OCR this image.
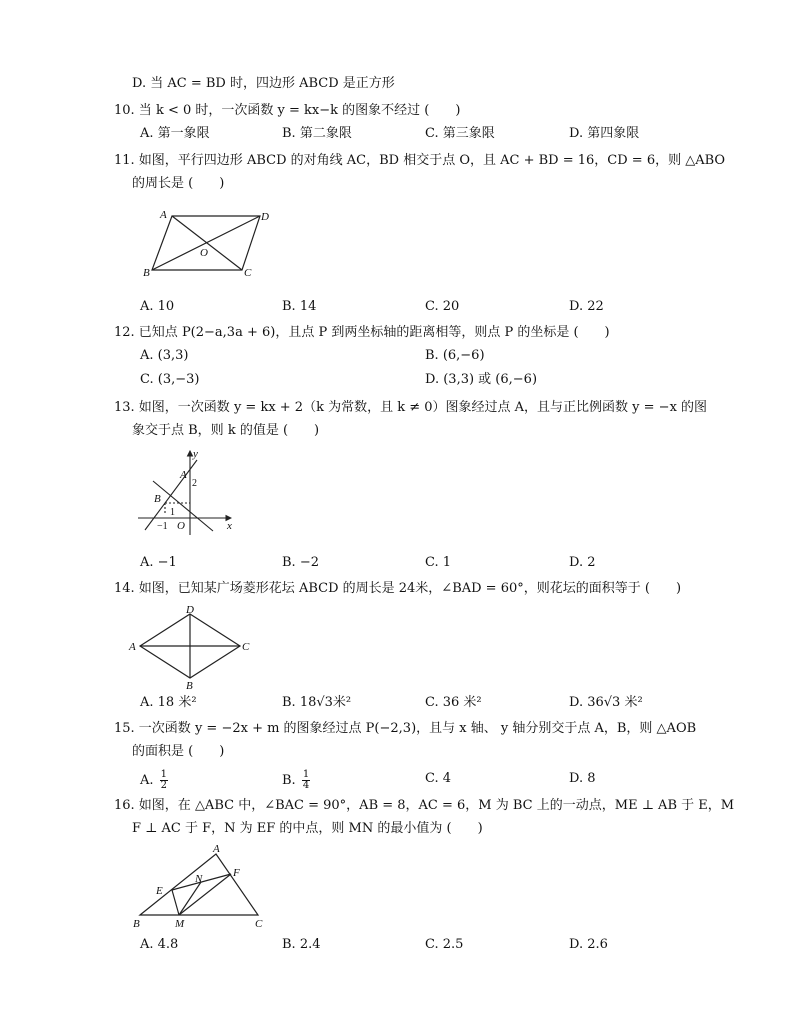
D. 当 AC = BD 时，四边形 ABCD 是正方形
10. 当 k < 0 时，一次函数 y = kx−k 的图象不经过 (　　)
A. 第一象限	B. 第二象限	C. 第三象限	D. 第四象限
11. 如图，平行四边形 ABCD 的对角线 AC，BD 相交于点 O，且 AC + BD = 16，CD = 6，则 △ABO
的周长是 (　　)
A	D
B	C
O
A. 10	B. 14	C. 20	D. 22
12. 已知点 P(2−a,3a + 6)，且点 P 到两坐标轴的距离相等，则点 P 的坐标是 (　　)
A. (3,3)	B. (6,−6)
C. (3,−3)	D. (3,3) 或 (6,−6)
13. 如图，一次函数 y = kx + 2（k 为常数，且 k ≠ 0）图象经过点 A，且与正比例函数 y = −x 的图
象交于点 B，则 k 的值是 (　　)
y
x
A
B
O
2
1
−1
A. −1	B. −2	C. 1	D. 2
14. 如图，已知某广场菱形花坛 ABCD 的周长是 24米，∠BAD = 60°，则花坛的面积等于 (　　)
D
A	C
B
A. 18 米²	B. 18√3米²	C. 36 米²	D. 36√3 米²
15. 一次函数 y = −2x + m 的图象经过点 P(−2,3)，且与 x 轴、 y 轴分别交于点 A，B，则 △AOB
的面积是 (　　)
A. $\frac{1}{2}$	B. $\frac{1}{4}$	C. 4	D. 8
16. 如图，在 △ABC 中，∠BAC = 90°，AB = 8，AC = 6，M 为 BC 上的一动点，ME ⊥ AB 于 E，M
F ⊥ AC 于 F，N 为 EF 的中点，则 MN 的最小值为 (　　)
A
B	C
E
F
M
N
A. 4.8	B. 2.4	C. 2.5	D. 2.6
